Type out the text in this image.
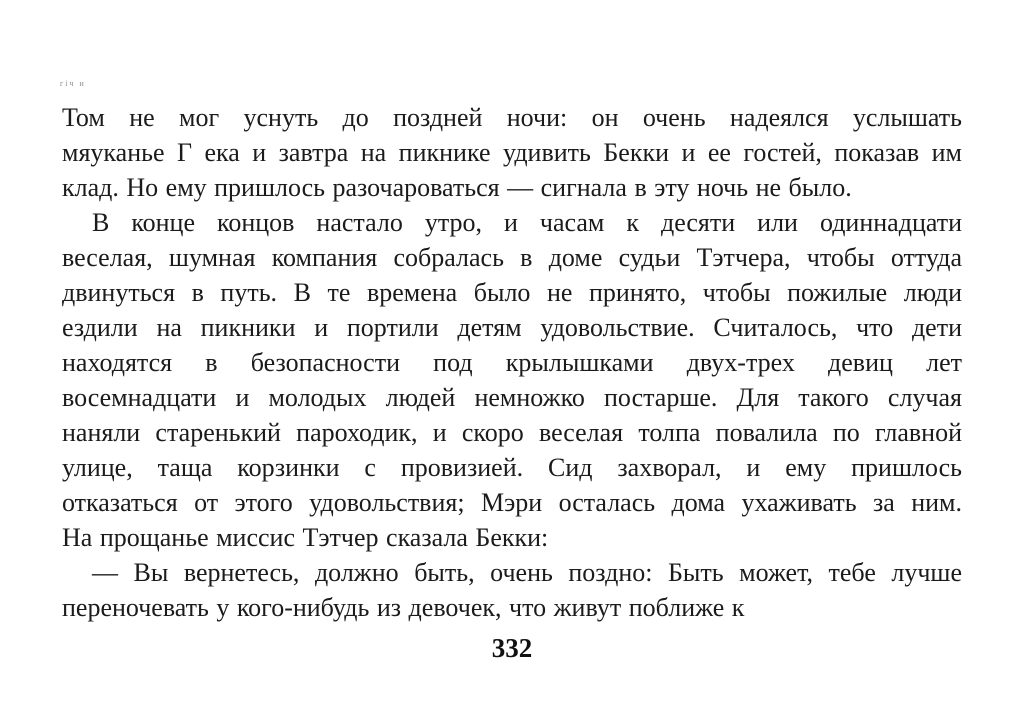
гіч и
Том не мог уснуть до поздней ночи: он очень надеялся услышать
мяуканье Г ека и завтра на пикнике удивить Бекки и ее гостей, показав им
клад. Но ему пришлось разочароваться — сигнала в эту ночь не было.
В конце концов настало утро, и часам к десяти или одиннадцати
веселая, шумная компания собралась в доме судьи Тэтчера, чтобы оттуда
двинуться в путь. В те времена было не принято, чтобы пожилые люди
ездили на пикники и портили детям удовольствие. Считалось, что дети
находятся в безопасности под крылышками двух-трех девиц лет
восемнадцати и молодых людей немножко постарше. Для такого случая
наняли старенький пароходик, и скоро веселая толпа повалила по главной
улице, таща корзинки с провизией. Сид захворал, и ему пришлось
отказаться от этого удовольствия; Мэри осталась дома ухаживать за ним.
На прощанье миссис Тэтчер сказала Бекки:
— Вы вернетесь, должно быть, очень поздно: Быть может, тебе лучше
переночевать у кого-нибудь из девочек, что живут поближе к
332
